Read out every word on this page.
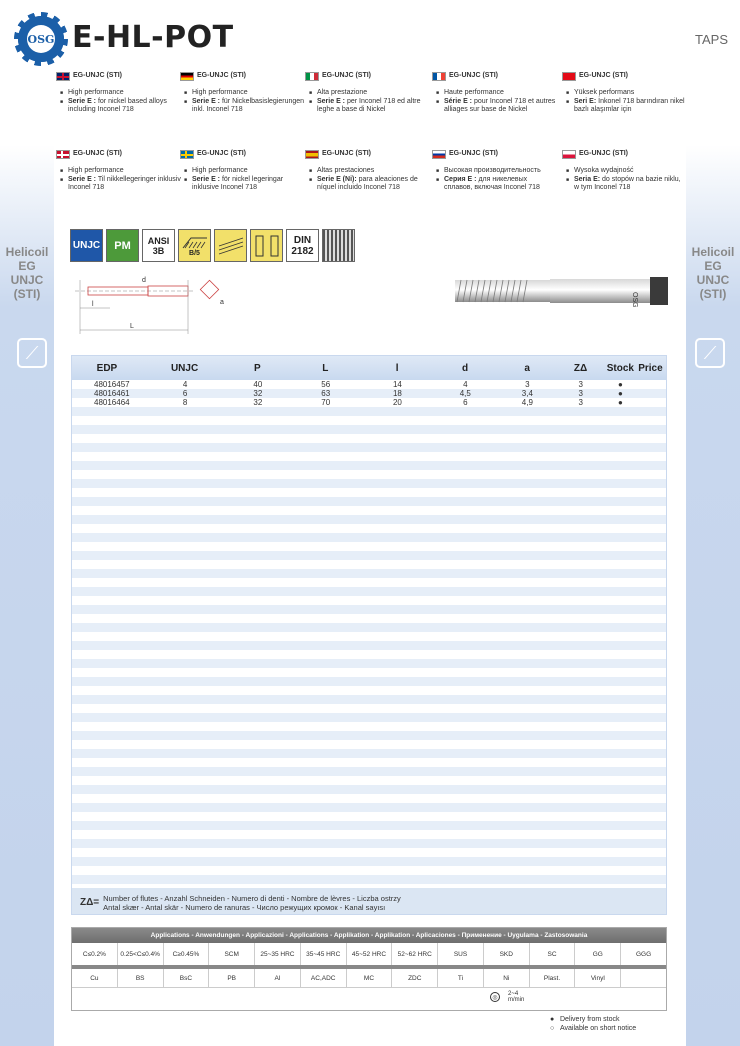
OSG E-HL-POT	TAPS
EG-UNJC (STI)
■ High performance
■ Serie E : for nickel based alloys including Inconel 718
EG-UNJC (STI)
■ High performance
■ Serie E : für Nickelbasislegierungen inkl. Inconel 718
EG-UNJC (STI)
■ Alta prestazione
■ Serie E : per Inconel 718 ed altre leghe a base di Nickel
EG-UNJC (STI)
■ Haute performance
■ Série E : pour Inconel 718 et autres alliages sur base de Nickel
EG-UNJC (STI)
■ Yüksek performans
■ Seri E: İnkonel 718 barındıran nikel bazlı alaşımlar için
EG-UNJC (STI)
■ High performance
■ Serie E : Til nikkellegeringer inklusiv Inconel 718
EG-UNJC (STI)
■ High performance
■ Serie E : för nickel legeringar inklusive Inconel 718
EG-UNJC (STI)
■ Altas prestaciones
■ Serie E (Ni): para aleaciones de níquel incluido Inconel 718
EG-UNJC (STI)
■ Высокая производительность
■ Серия E : для никелевых сплавов, включая Inconel 718
EG-UNJC (STI)
■ Wysoka wydajność
■ Seria E: do stopów na bazie niklu, w tym Inconel 718
Helicoil
EG
UNJC
(STI)
Helicoil
EG
UNJC
(STI)
⟋	⟋
UNJC	PM	ANSI
3B	B/5
DIN
2182
L
l
d
a	OSG
EDP	UNJC	P	L	l	d	a	ZΔ	Stock Price
48016457	4	40	56	14	4	3	3	●
48016461	6	32	63	18	4,5	3,4	3	●
48016464	8	32	70	20	6	4,9	3	●
ZΔ= Number of flutes - Anzahl Schneiden - Numero di denti - Nombre de lèvres - Liczba ostrzy
Antal skær - Antal skär - Numero de ranuras - Число режущих кромок - Kanal sayısı
Applications - Anwendungen - Applicazioni - Applications - Applikation - Applikation - Aplicaciones - Применение - Uygulama - Zastosowania
C≤0.2%	0.25<C≤0.4%	C≥0.45%	SCM	25~35 HRC	35~45 HRC	45~52 HRC	52~62 HRC	SUS	SKD	SC	GG	GGG
Cu	BS	BsC	PB	Al	AC,ADC	MC	ZDC	Ti	Ni	Plast.	Vinyl
◎
2~4
m/min
● Delivery from stock
○ Available on short notice
